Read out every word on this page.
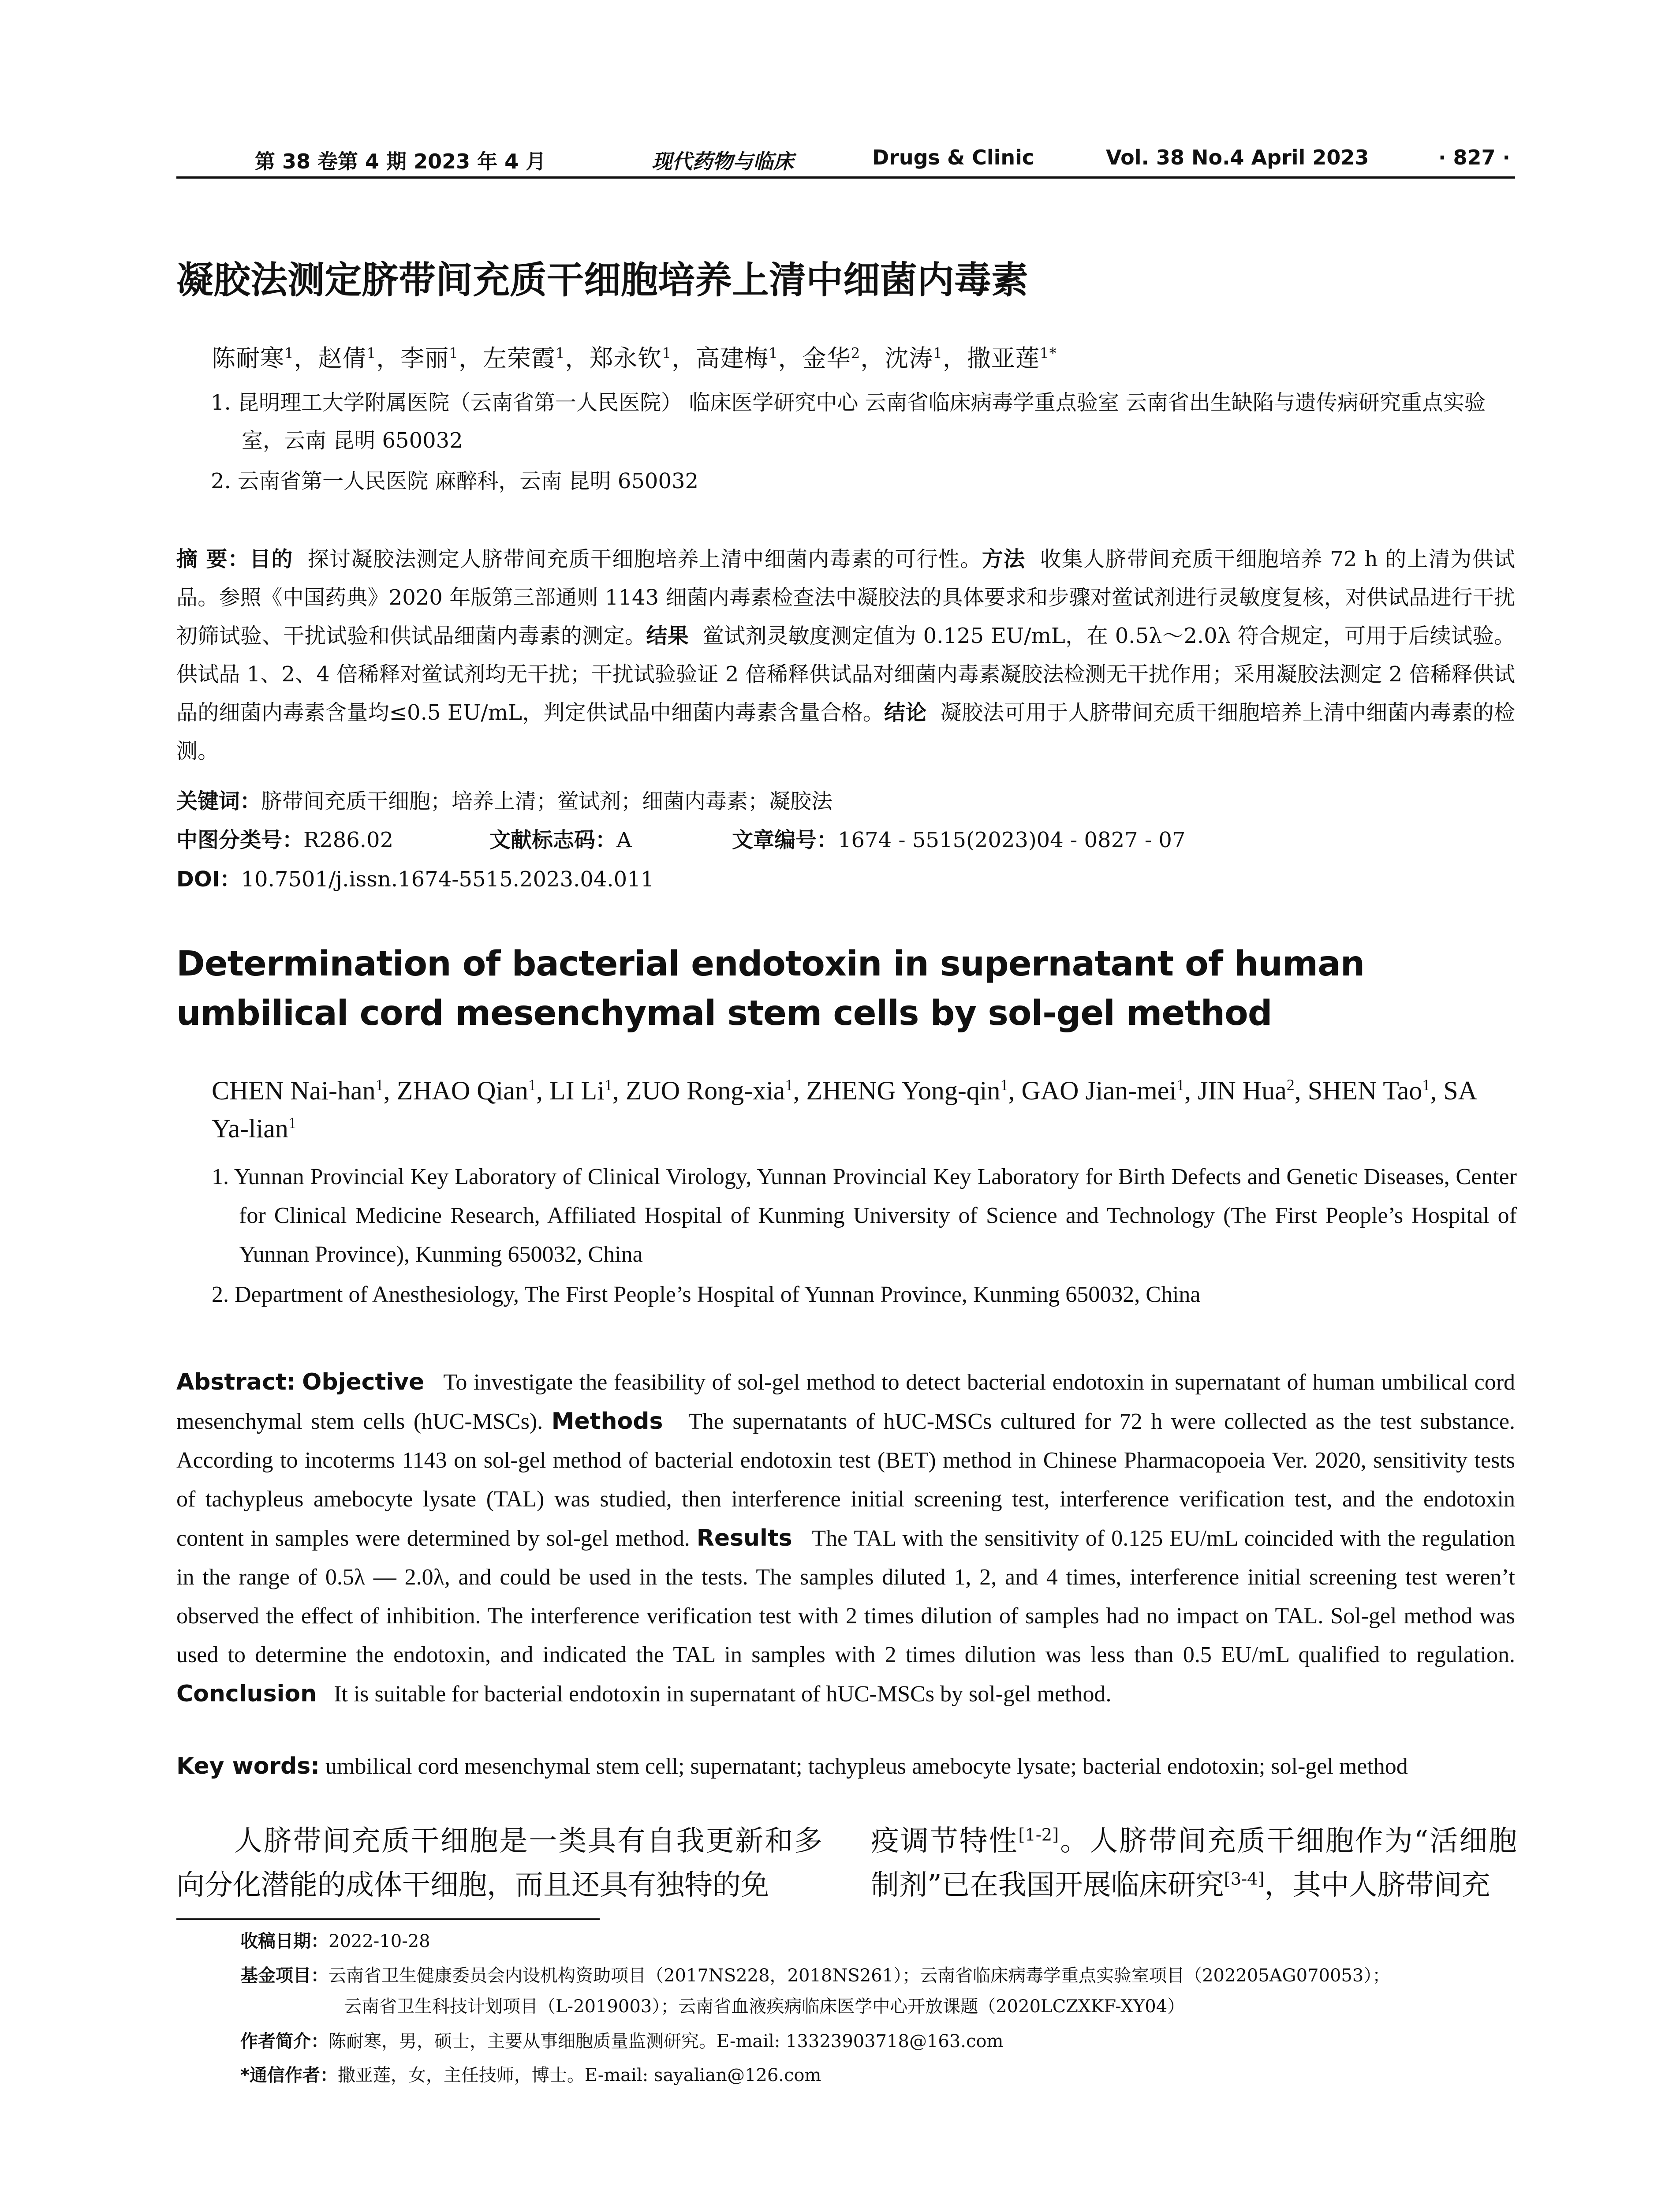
第 38 卷第 4 期 2023 年 4 月	现代药物与临床	Drugs & Clinic	Vol. 38 No.4 April 2023	· 827 ·
凝胶法测定脐带间充质干细胞培养上清中细菌内毒素
陈耐寒$^1$，赵倩$^1$，李丽$^1$，左荣霞$^1$，郑永钦$^1$，高建梅$^1$，金华$^2$，沈涛$^1$，撒亚莲$^{1*}$
1. 昆明理工大学附属医院（云南省第一人民医院） 临床医学研究中心 云南省临床病毒学重点验室 云南省出生缺陷与遗传病研究重点实验室，云南 昆明 650032
2. 云南省第一人民医院 麻醉科，云南 昆明 650032
摘 要：目的 探讨凝胶法测定人脐带间充质干细胞培养上清中细菌内毒素的可行性。方法 收集人脐带间充质干细胞培养 72 h 的上清为供试品。参照《中国药典》2020 年版第三部通则 1143 细菌内毒素检查法中凝胶法的具体要求和步骤对鲎试剂进行灵敏度复核，对供试品进行干扰初筛试验、干扰试验和供试品细菌内毒素的测定。结果 鲎试剂灵敏度测定值为 0.125 EU/mL，在 0.5λ～2.0λ 符合规定，可用于后续试验。供试品 1、2、4 倍稀释对鲎试剂均无干扰；干扰试验验证 2 倍稀释供试品对细菌内毒素凝胶法检测无干扰作用；采用凝胶法测定 2 倍稀释供试品的细菌内毒素含量均≤0.5 EU/mL，判定供试品中细菌内毒素含量合格。结论 凝胶法可用于人脐带间充质干细胞培养上清中细菌内毒素的检测。
关键词：脐带间充质干细胞；培养上清；鲎试剂；细菌内毒素；凝胶法
中图分类号：R286.02	文献标志码：A	文章编号：1674 - 5515(2023)04 - 0827 - 07
DOI：10.7501/j.issn.1674-5515.2023.04.011
Determination of bacterial endotoxin in supernatant of human umbilical cord mesenchymal stem cells by sol-gel method
CHEN Nai-han$^1$, ZHAO Qian$^1$, LI Li$^1$, ZUO Rong-xia$^1$, ZHENG Yong-qin$^1$, GAO Jian-mei$^1$, JIN Hua$^2$, SHEN Tao$^1$, SA Ya-lian$^1$
1. Yunnan Provincial Key Laboratory of Clinical Virology, Yunnan Provincial Key Laboratory for Birth Defects and Genetic Diseases, Center for Clinical Medicine Research, Affiliated Hospital of Kunming University of Science and Technology (The First People’s Hospital of Yunnan Province), Kunming 650032, China
2. Department of Anesthesiology, The First People’s Hospital of Yunnan Province, Kunming 650032, China
Abstract: Objective To investigate the feasibility of sol-gel method to detect bacterial endotoxin in supernatant of human umbilical cord mesenchymal stem cells (hUC-MSCs). Methods The supernatants of hUC-MSCs cultured for 72 h were collected as the test substance. According to incoterms 1143 on sol-gel method of bacterial endotoxin test (BET) method in Chinese Pharmacopoeia Ver. 2020, sensitivity tests of tachypleus amebocyte lysate (TAL) was studied, then interference initial screening test, interference verification test, and the endotoxin content in samples were determined by sol-gel method. Results The TAL with the sensitivity of 0.125 EU/mL coincided with the regulation in the range of 0.5λ — 2.0λ, and could be used in the tests. The samples diluted 1, 2, and 4 times, interference initial screening test weren’t observed the effect of inhibition. The interference verification test with 2 times dilution of samples had no impact on TAL. Sol-gel method was used to determine the endotoxin, and indicated the TAL in samples with 2 times dilution was less than 0.5 EU/mL qualified to regulation. Conclusion It is suitable for bacterial endotoxin in supernatant of hUC-MSCs by sol-gel method.
Key words: umbilical cord mesenchymal stem cell; supernatant; tachypleus amebocyte lysate; bacterial endotoxin; sol-gel method
人脐带间充质干细胞是一类具有自我更新和多向分化潜能的成体干细胞，而且还具有独特的免
疫调节特性[1-2]。人脐带间充质干细胞作为“活细胞制剂”已在我国开展临床研究[3-4]，其中人脐带间充
收稿日期：2022-10-28
基金项目：云南省卫生健康委员会内设机构资助项目（2017NS228，2018NS261）；云南省临床病毒学重点实验室项目（202205AG070053）；
云南省卫生科技计划项目（L-2019003）；云南省血液疾病临床医学中心开放课题（2020LCZXKF-XY04）
作者简介：陈耐寒，男，硕士，主要从事细胞质量监测研究。E-mail: 13323903718@163.com
*通信作者：撒亚莲，女，主任技师，博士。E-mail: sayalian@126.com
